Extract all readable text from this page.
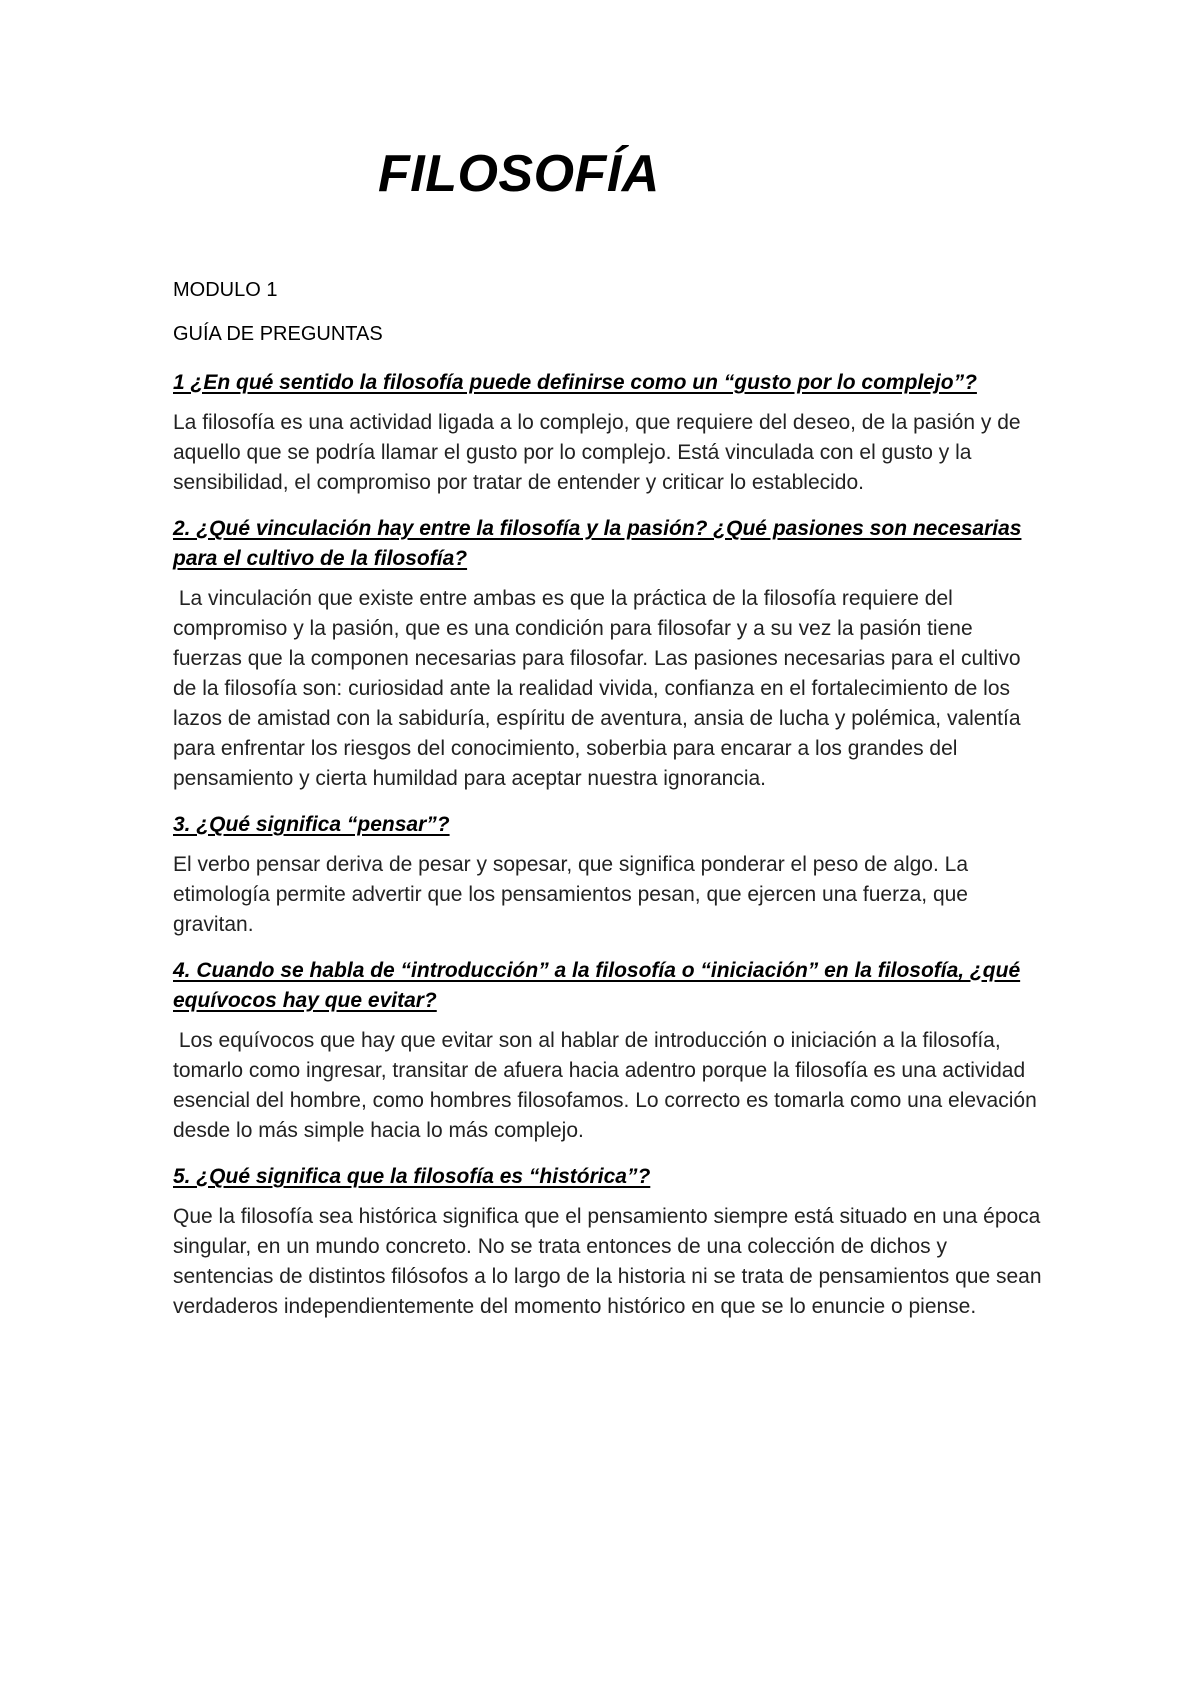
FILOSOFÍA

MODULO 1

GUÍA DE PREGUNTAS

1 ¿En qué sentido la filosofía puede definirse como un “gusto por lo complejo”?

La filosofía es una actividad ligada a lo complejo, que requiere del deseo, de la pasión y de aquello que se podría llamar el gusto por lo complejo. Está vinculada con el gusto y la sensibilidad, el compromiso por tratar de entender y criticar lo establecido.

2. ¿Qué vinculación hay entre la filosofía y la pasión? ¿Qué pasiones son necesarias para el cultivo de la filosofía?

La vinculación que existe entre ambas es que la práctica de la filosofía requiere del compromiso y la pasión, que es una condición para filosofar y a su vez la pasión tiene fuerzas que la componen necesarias para filosofar. Las pasiones necesarias para el cultivo de la filosofía son: curiosidad ante la realidad vivida, confianza en el fortalecimiento de los lazos de amistad con la sabiduría, espíritu de aventura, ansia de lucha y polémica, valentía para enfrentar los riesgos del conocimiento, soberbia para encarar a los grandes del pensamiento y cierta humildad para aceptar nuestra ignorancia.

3. ¿Qué significa “pensar”?

El verbo pensar deriva de pesar y sopesar, que significa ponderar el peso de algo. La etimología permite advertir que los pensamientos pesan, que ejercen una fuerza, que gravitan.

4. Cuando se habla de “introducción” a la filosofía o “iniciación” en la filosofía, ¿qué equívocos hay que evitar?

Los equívocos que hay que evitar son al hablar de introducción o iniciación a la filosofía, tomarlo como ingresar, transitar de afuera hacia adentro porque la filosofía es una actividad esencial del hombre, como hombres filosofamos. Lo correcto es tomarla como una elevación desde lo más simple hacia lo más complejo.

5. ¿Qué significa que la filosofía es “histórica”?

Que la filosofía sea histórica significa que el pensamiento siempre está situado en una época singular, en un mundo concreto. No se trata entonces de una colección de dichos y sentencias de distintos filósofos a lo largo de la historia ni se trata de pensamientos que sean verdaderos independientemente del momento histórico en que se lo enuncie o piense.
